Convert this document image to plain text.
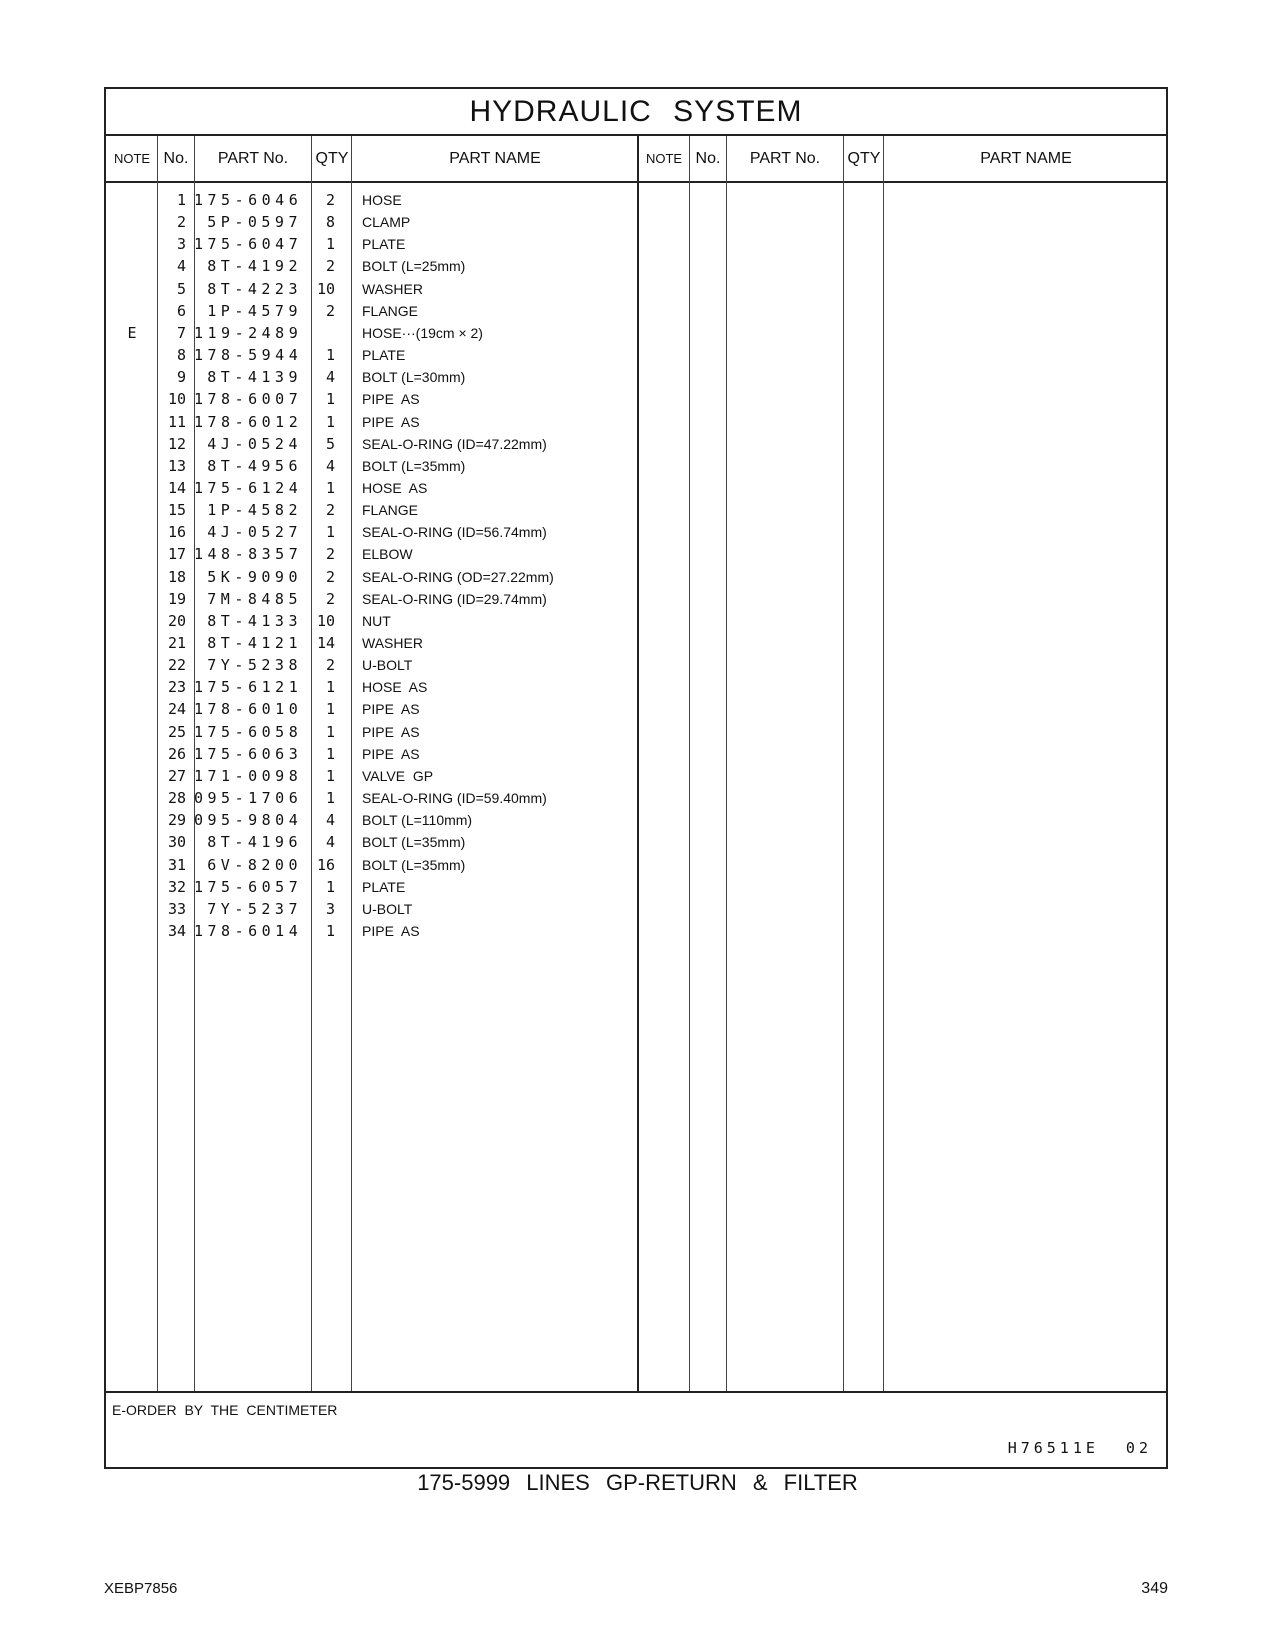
HYDRAULIC SYSTEM
NOTE No.	PART No.	QTY	PART NAME	NOTE No.	PART No.	QTY	PART NAME
1 175-6046	2 HOSE
2	5P-0597	8 CLAMP
3 175-6047	1 PLATE
4	8T-4192	2 BOLT (L=25mm)
5	8T-4223 10 WASHER
6	1P-4579	2 FLANGE
E	7 119-2489	HOSE···(19cm × 2)
8 178-5944	1 PLATE
9	8T-4139	4 BOLT (L=30mm)
10 178-6007	1 PIPE  AS
11 178-6012	1 PIPE  AS
12	4J-0524	5 SEAL-O-RING (ID=47.22mm)
13	8T-4956	4 BOLT (L=35mm)
14 175-6124	1 HOSE  AS
15	1P-4582	2 FLANGE
16	4J-0527	1 SEAL-O-RING (ID=56.74mm)
17 148-8357	2 ELBOW
18	5K-9090	2 SEAL-O-RING (OD=27.22mm)
19	7M-8485	2 SEAL-O-RING (ID=29.74mm)
20	8T-4133 10 NUT
21	8T-4121 14 WASHER
22	7Y-5238	2 U-BOLT
23 175-6121	1 HOSE  AS
24 178-6010	1 PIPE  AS
25 175-6058	1 PIPE  AS
26 175-6063	1 PIPE  AS
27 171-0098	1 VALVE  GP
28 095-1706	1 SEAL-O-RING (ID=59.40mm)
29 095-9804	4 BOLT (L=110mm)
30	8T-4196	4 BOLT (L=35mm)
31	6V-8200 16 BOLT (L=35mm)
32 175-6057	1 PLATE
33	7Y-5237	3 U-BOLT
34 178-6014	1 PIPE  AS
E-ORDER BY THE CENTIMETER
H76511E 02
175-5999 LINES GP-RETURN & FILTER
XEBP7856	349
